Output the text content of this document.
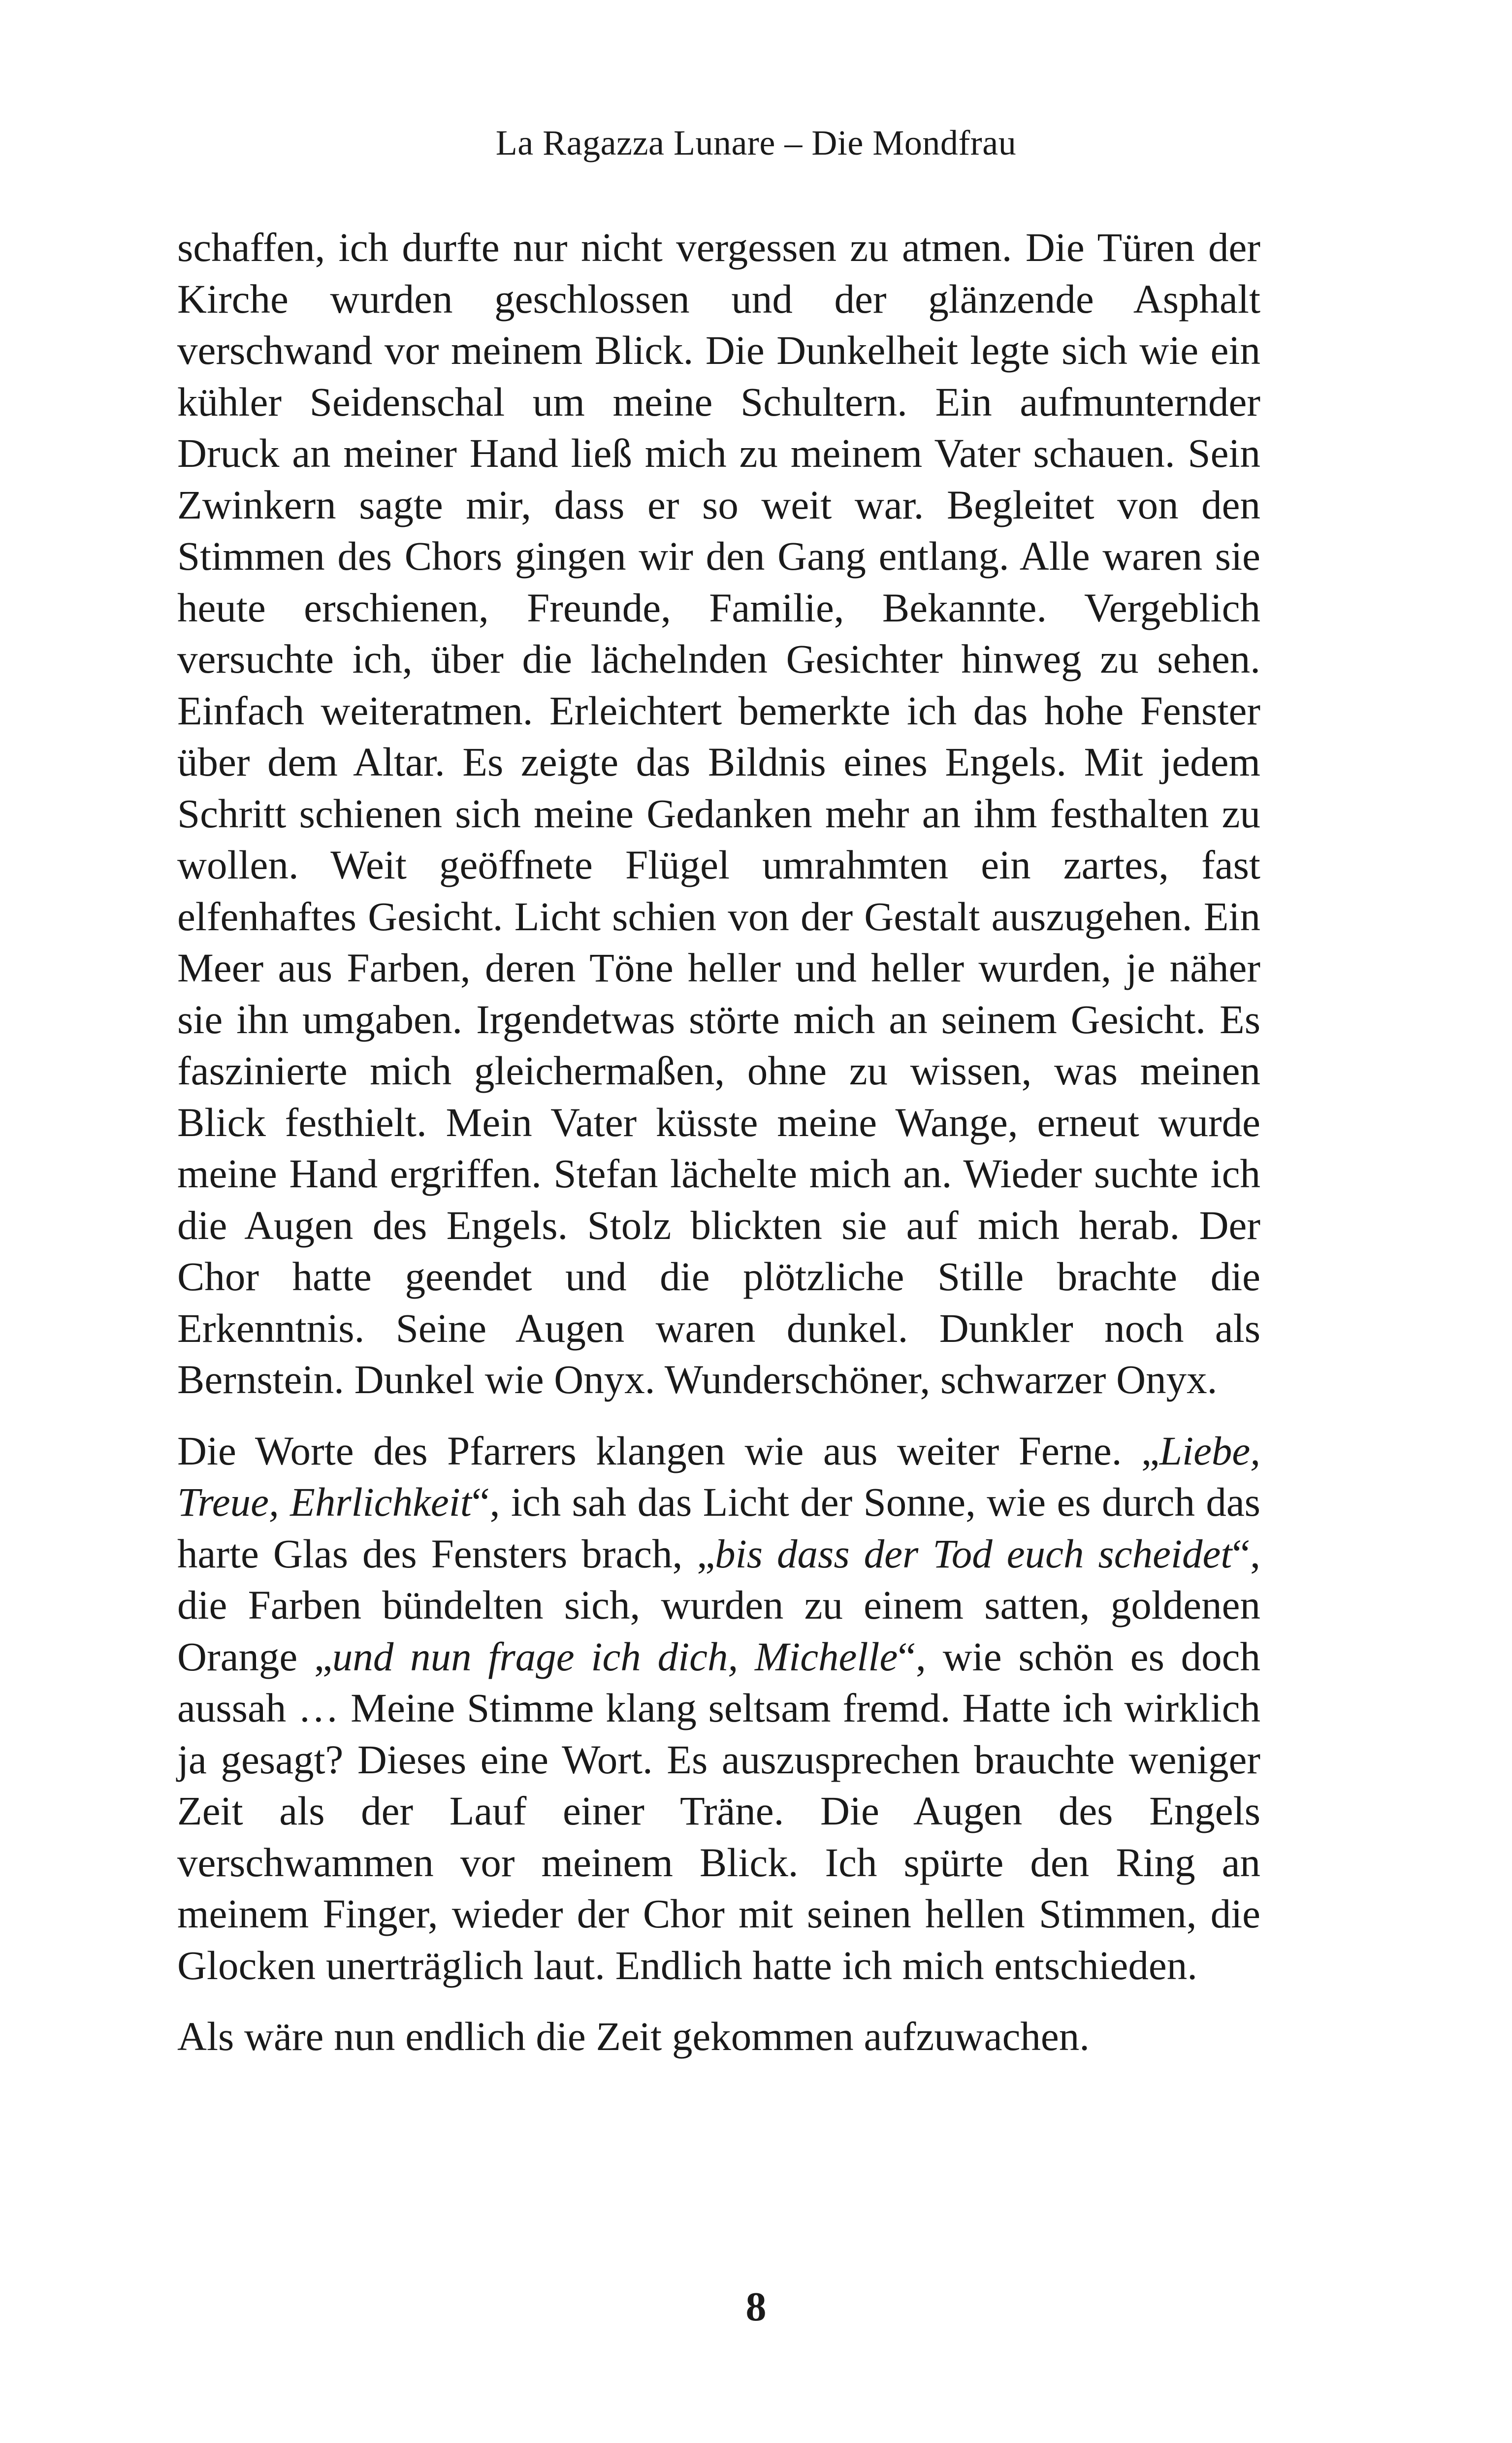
La Ragazza Lunare – Die Mondfrau

schaffen, ich durfte nur nicht vergessen zu atmen. Die Türen der Kirche wurden geschlossen und der glänzende Asphalt verschwand vor meinem Blick. Die Dunkelheit legte sich wie ein kühler Seidenschal um meine Schultern. Ein aufmunternder Druck an meiner Hand ließ mich zu meinem Vater schauen. Sein Zwinkern sagte mir, dass er so weit war. Begleitet von den Stimmen des Chors gingen wir den Gang entlang. Alle waren sie heute erschienen, Freunde, Familie, Bekannte. Vergeblich versuchte ich, über die lächelnden Gesichter hinweg zu sehen. Einfach weiteratmen. Erleichtert bemerkte ich das hohe Fenster über dem Altar. Es zeigte das Bildnis eines Engels. Mit jedem Schritt schienen sich meine Gedanken mehr an ihm festhalten zu wollen. Weit geöffnete Flügel umrahmten ein zartes, fast elfenhaftes Gesicht. Licht schien von der Gestalt auszugehen. Ein Meer aus Farben, deren Töne heller und heller wurden, je näher sie ihn umgaben. Irgendetwas störte mich an seinem Gesicht. Es faszinierte mich gleichermaßen, ohne zu wissen, was meinen Blick festhielt. Mein Vater küsste meine Wange, erneut wurde meine Hand ergriffen. Stefan lächelte mich an. Wieder suchte ich die Augen des Engels. Stolz blickten sie auf mich herab. Der Chor hatte geendet und die plötzliche Stille brachte die Erkenntnis. Seine Augen waren dunkel. Dunkler noch als Bernstein. Dunkel wie Onyx. Wunderschöner, schwarzer Onyx.

Die Worte des Pfarrers klangen wie aus weiter Ferne. „Liebe, Treue, Ehrlichkeit“, ich sah das Licht der Sonne, wie es durch das harte Glas des Fensters brach, „bis dass der Tod euch scheidet“, die Farben bündelten sich, wurden zu einem satten, goldenen Orange „und nun frage ich dich, Michelle“, wie schön es doch aussah … Meine Stimme klang seltsam fremd. Hatte ich wirklich ja gesagt? Dieses eine Wort. Es auszusprechen brauchte weniger Zeit als der Lauf einer Träne. Die Augen des Engels verschwammen vor meinem Blick. Ich spürte den Ring an meinem Finger, wieder der Chor mit seinen hellen Stimmen, die Glocken unerträglich laut. Endlich hatte ich mich entschieden.

Als wäre nun endlich die Zeit gekommen aufzuwachen.

8
